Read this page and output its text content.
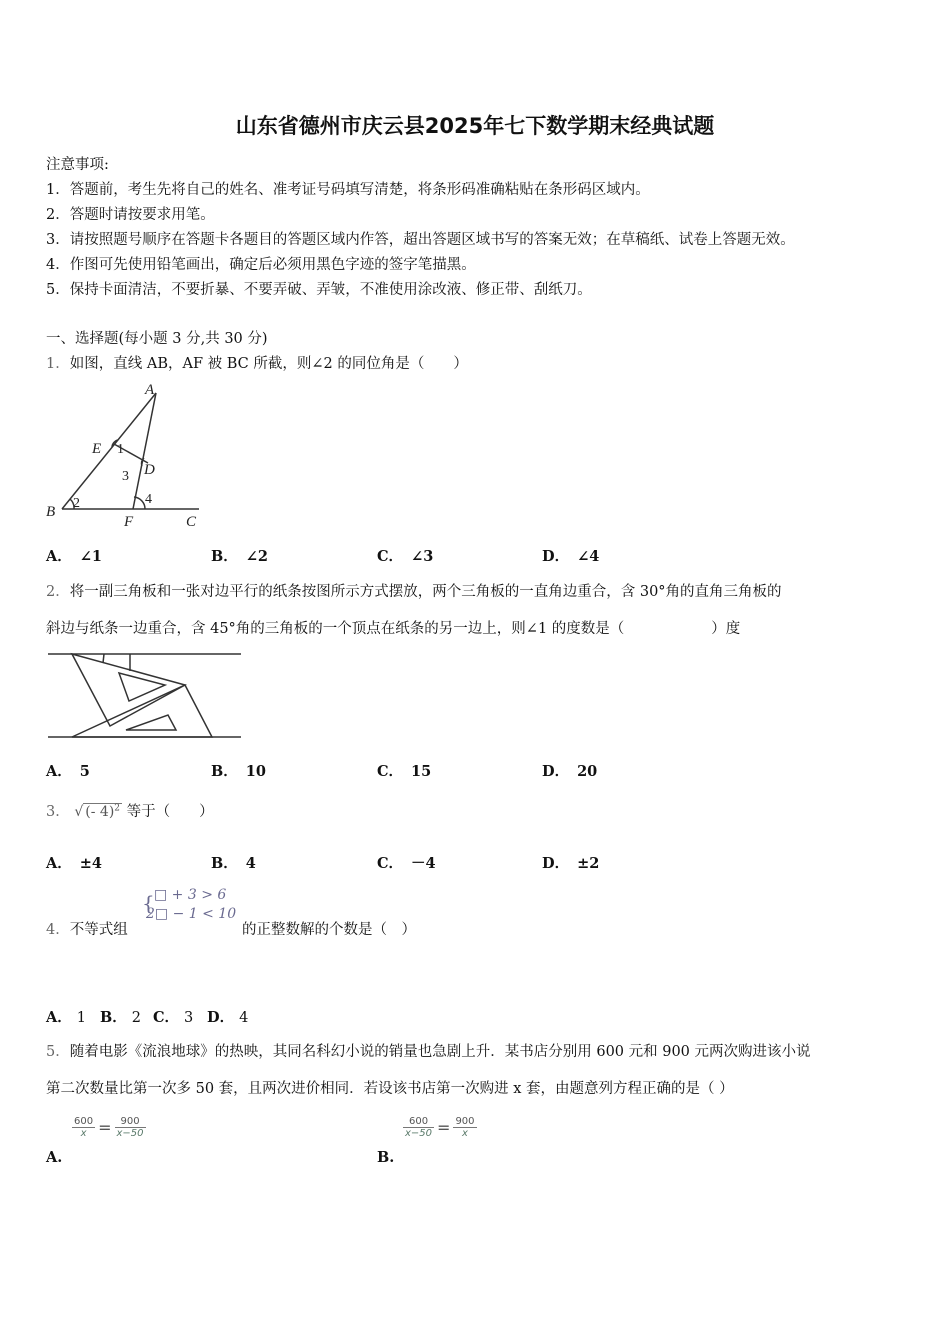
山东省德州市庆云县2025年七下数学期末经典试题
注意事项:
1．答题前，考生先将自己的姓名、准考证号码填写清楚，将条形码准确粘贴在条形码区域内。
2．答题时请按要求用笔。
3．请按照题号顺序在答题卡各题目的答题区域内作答，超出答题区域书写的答案无效；在草稿纸、试卷上答题无效。
4．作图可先使用铅笔画出，确定后必须用黑色字迹的签字笔描黑。
5．保持卡面清洁，不要折暴、不要弄破、弄皱，不准使用涂改液、修正带、刮纸刀。
一、选择题(每小题 3 分,共 30 分)
1．如图，直线 AB，AF 被 BC 所截，则∠2 的同位角是（　　）
A
E
D
B
F	C
1
2
3
4
A． ∠1	B． ∠2	C． ∠3	D． ∠4
2．将一副三角板和一张对边平行的纸条按图所示方式摆放，两个三角板的一直角边重合，含 30°角的直角三角板的
斜边与纸条一边重合，含 45°角的三角板的一个顶点在纸条的另一边上，则∠1 的度数是（　　　　　　）度
A． 5	B． 10	C． 15	D． 20
3． √ (- 4)$^2$ 等于（　　）
A． ±4	B． 4	C． －4	D． ±2
4．不等式组
{ □ + 3 > 6
2□ − 1 < 10
的正整数解的个数是（　）
A． 1 B． 2 C． 3 D． 4
5．随着电影《流浪地球》的热映，其同名科幻小说的销量也急剧上升．某书店分别用 600 元和 900 元两次购进该小说
第二次数量比第一次多 50 套，且两次进价相同．若设该书店第一次购进 x 套，由题意列方程正确的是（ ）
$\frac{600}{x} = \frac{900}{x-50}$
A.
$\frac{600}{x-50} = \frac{900}{x}$
B.
